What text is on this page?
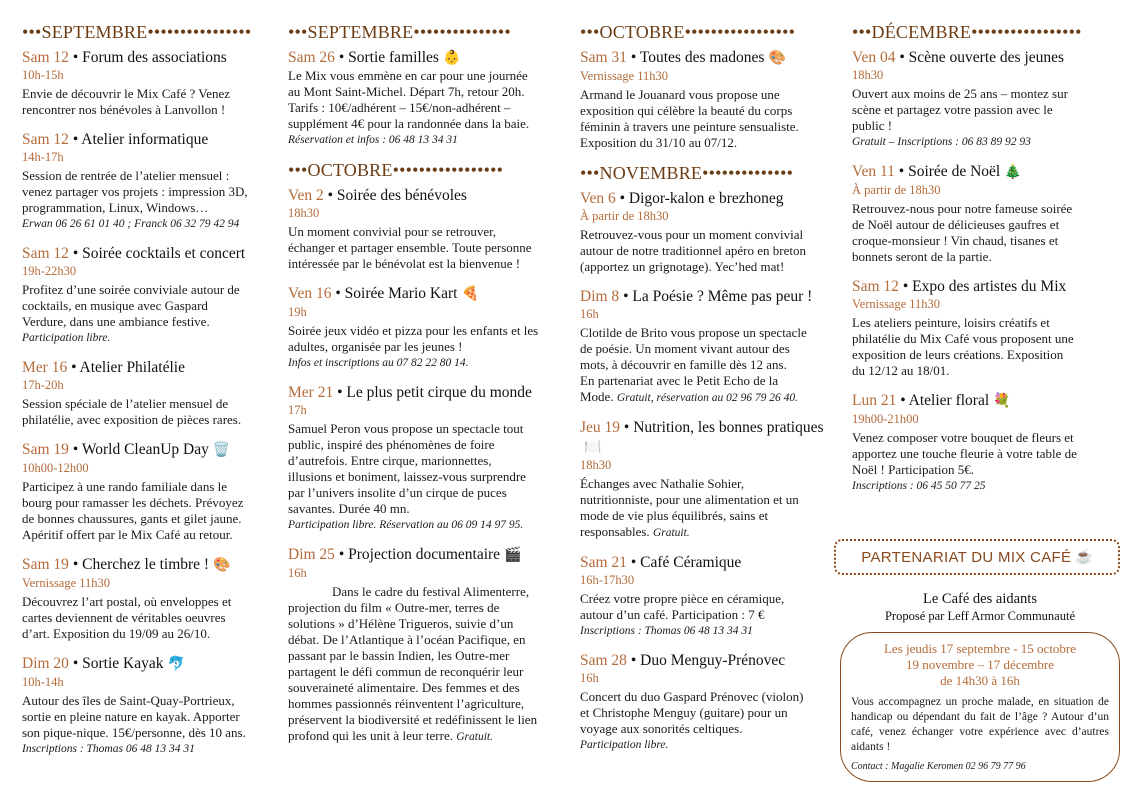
•••SEPTEMBRE••••••••••••••••
Sam 12 • Forum des associations
10h-15h
Envie de découvrir le Mix Café ? Venez
rencontrer nos bénévoles à Lanvollon !
Sam 12 • Atelier informatique
14h-17h
Session de rentrée de l’atelier mensuel :
venez partager vos projets : impression 3D,
programmation, Linux, Windows…
Erwan 06 26 61 01 40 ; Franck 06 32 79 42 94
Sam 12 • Soirée cocktails et concert
19h-22h30
Profitez d’une soirée conviviale autour de
cocktails, en musique avec Gaspard
Verdure, dans une ambiance festive.
Participation libre.
Mer 16 • Atelier Philatélie
17h-20h
Session spéciale de l’atelier mensuel de
philatélie, avec exposition de pièces rares.
Sam 19 • World CleanUp Day 🗑️
10h00-12h00
Participez à une rando familiale dans le
bourg pour ramasser les déchets. Prévoyez
de bonnes chaussures, gants et gilet jaune.
Apéritif offert par le Mix Café au retour.
Sam 19 • Cherchez le timbre ! 🎨
Vernissage 11h30
Découvrez l’art postal, où enveloppes et
cartes deviennent de véritables oeuvres
d’art. Exposition du 19/09 au 26/10.
Dim 20 • Sortie Kayak 🐬
10h-14h
Autour des îles de Saint-Quay-Portrieux,
sortie en pleine nature en kayak. Apporter
son pique-nique. 15€/personne, dès 10 ans.
Inscriptions : Thomas 06 48 13 34 31
•••SEPTEMBRE•••••••••••••••
Sam 26 • Sortie familles 👶
Le Mix vous emmène en car pour une journée
au Mont Saint-Michel. Départ 7h, retour 20h.
Tarifs : 10€/adhérent – 15€/non-adhérent –
supplément 4€ pour la randonnée dans la baie.
Réservation et infos : 06 48 13 34 31
•••OCTOBRE•••••••••••••••••
Ven 2 • Soirée des bénévoles
18h30
Un moment convivial pour se retrouver,
échanger et partager ensemble. Toute personne
intéressée par le bénévolat est la bienvenue !
Ven 16 • Soirée Mario Kart 🍕
19h
Soirée jeux vidéo et pizza pour les enfants et les
adultes, organisée par les jeunes !
Infos et inscriptions au 07 82 22 80 14.
Mer 21 • Le plus petit cirque du monde
17h
Samuel Peron vous propose un spectacle tout
public, inspiré des phénomènes de foire
d’autrefois. Entre cirque, marionnettes,
illusions et boniment, laissez-vous surprendre
par l’univers insolite d’un cirque de puces
savantes. Durée 40 mn.
Participation libre. Réservation au 06 09 14 97 95.
Dim 25 • Projection documentaire 🎬
16h
Dans le cadre du festival Alimenterre,
projection du film « Outre-mer, terres de
solutions » d’Hélène Trigueros, suivie d’un
débat. De l’Atlantique à l’océan Pacifique, en
passant par le bassin Indien, les Outre-mer
partagent le défi commun de reconquérir leur
souveraineté alimentaire. Des femmes et des
hommes passionnés réinventent l’agriculture,
préservent la biodiversité et redéfinissent le lien
profond qui les unit à leur terre. Gratuit.
•••OCTOBRE•••••••••••••••••
Sam 31 • Toutes des madones 🎨
Vernissage 11h30
Armand le Jouanard vous propose une
exposition qui célèbre la beauté du corps
féminin à travers une peinture sensualiste.
Exposition du 31/10 au 07/12.
•••NOVEMBRE••••••••••••••
Ven 6 • Digor-kalon e brezhoneg
À partir de 18h30
Retrouvez-vous pour un moment convivial
autour de notre traditionnel apéro en breton
(apportez un grignotage). Yec’hed mat!
Dim 8 • La Poésie ? Même pas peur !
16h
Clotilde de Brito vous propose un spectacle
de poésie. Un moment vivant autour des
mots, à découvrir en famille dès 12 ans.
En partenariat avec le Petit Echo de la
Mode. Gratuit, réservation au 02 96 79 26 40.
Jeu 19 • Nutrition, les bonnes pratiques🍽️
18h30
Échanges avec Nathalie Sohier,
nutritionniste, pour une alimentation et un
mode de vie plus équilibrés, sains et
responsables. Gratuit.
Sam 21 • Café Céramique
16h-17h30
Créez votre propre pièce en céramique,
autour d’un café. Participation : 7 €
Inscriptions : Thomas 06 48 13 34 31
Sam 28 • Duo Menguy-Prénovec
16h
Concert du duo Gaspard Prénovec (violon)
et Christophe Menguy (guitare) pour un
voyage aux sonorités celtiques.
Participation libre.
•••DÉCEMBRE•••••••••••••••••
Ven 04 • Scène ouverte des jeunes
18h30
Ouvert aux moins de 25 ans – montez sur
scène et partagez votre passion avec le
public !
Gratuit – Inscriptions : 06 83 89 92 93
Ven 11 • Soirée de Noël 🎄
À partir de 18h30
Retrouvez-nous pour notre fameuse soirée
de Noël autour de délicieuses gaufres et
croque-monsieur ! Vin chaud, tisanes et
bonnets seront de la partie.
Sam 12 • Expo des artistes du Mix
Vernissage 11h30
Les ateliers peinture, loisirs créatifs et
philatélie du Mix Café vous proposent une
exposition de leurs créations. Exposition
du 12/12 au 18/01.
Lun 21 • Atelier floral 💐
19h00-21h00
Venez composer votre bouquet de fleurs et
apportez une touche fleurie à votre table de
Noël ! Participation 5€.
Inscriptions : 06 45 50 77 25
PARTENARIAT DU MIX CAFÉ ☕
Le Café des aidants
Proposé par Leff Armor Communauté
Les jeudis 17 septembre - 15 octobre
19 novembre – 17 décembre
de 14h30 à 16h
Vous accompagnez un proche malade, en situation de handicap ou dépendant du fait de l’âge ? Autour d’un café, venez échanger votre expérience avec d’autres aidants !
Contact : Magalie Keromen 02 96 79 77 96
